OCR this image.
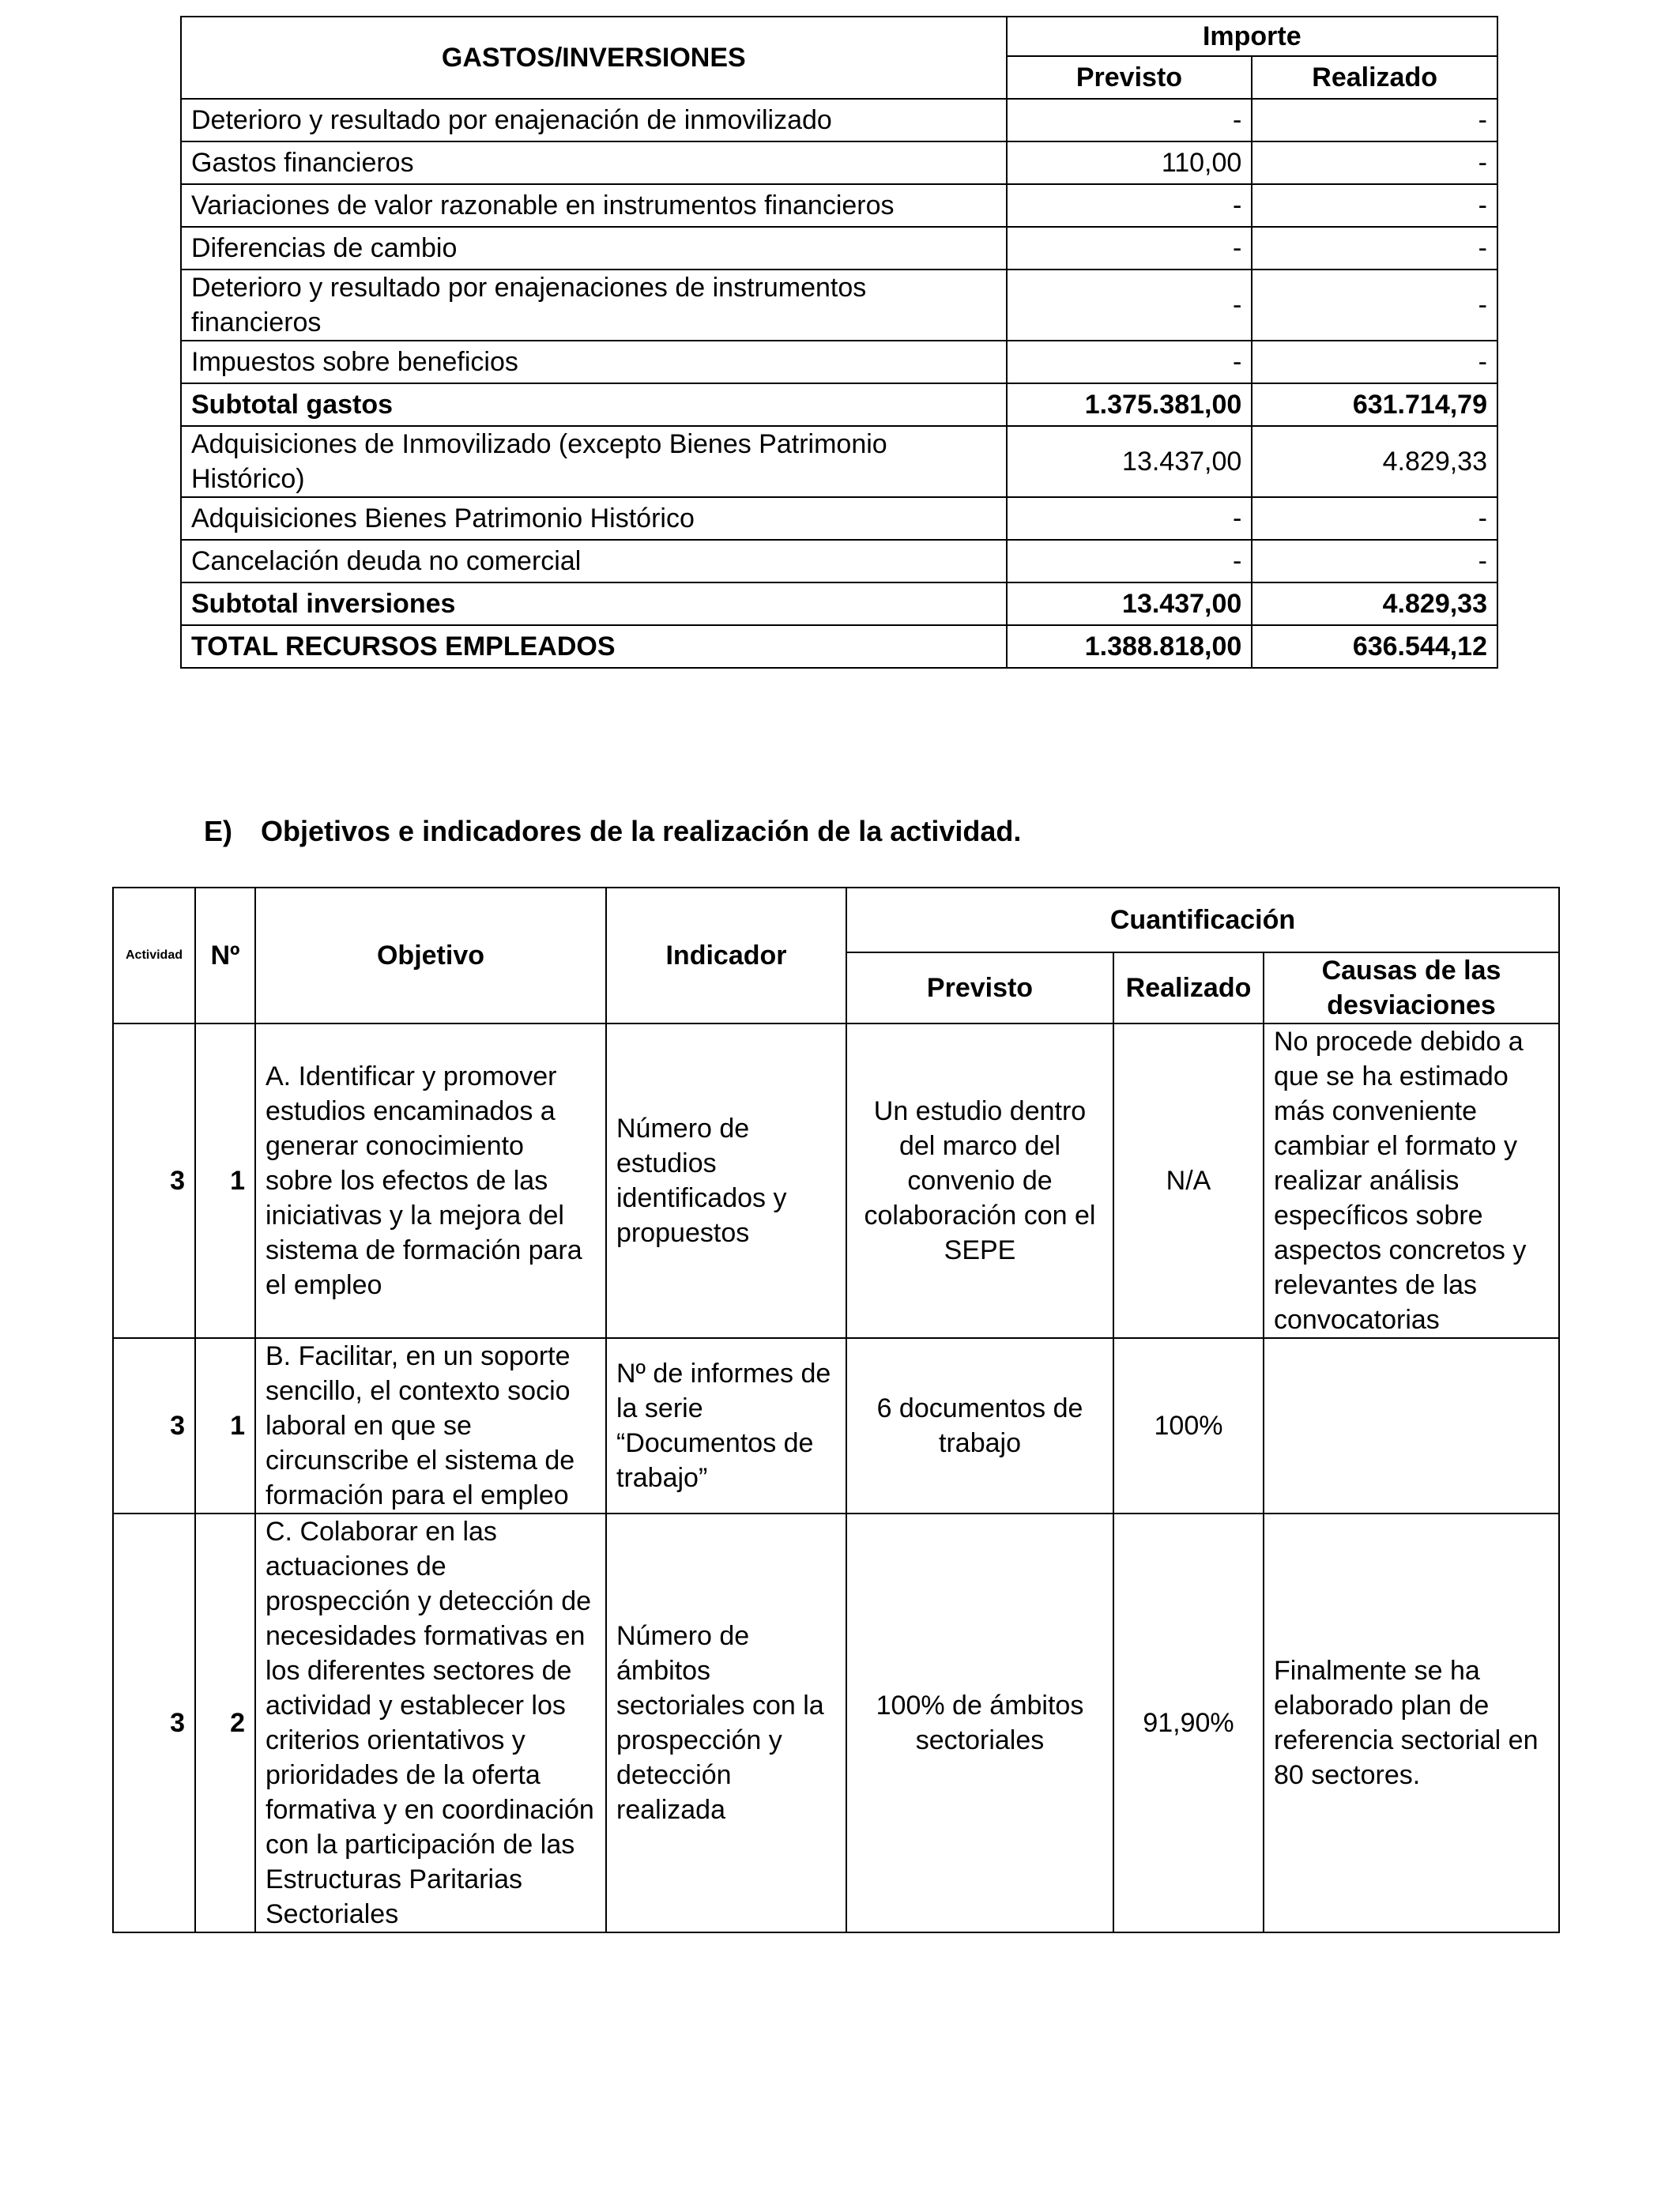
GASTOS/INVERSIONES	Importe	
	Previsto	Realizado
Deterioro y resultado por enajenación de inmovilizado	-	-
Gastos financieros	110,00	-
Variaciones de valor razonable en instrumentos financieros	-	-
Diferencias de cambio	-	-
Deterioro y resultado por enajenaciones de instrumentos financieros	-	-
Impuestos sobre beneficios	-	-
Subtotal gastos	1.375.381,00	631.714,79
Adquisiciones de Inmovilizado (excepto Bienes Patrimonio Histórico)	13.437,00	4.829,33
Adquisiciones Bienes Patrimonio Histórico	-	-
Cancelación deuda no comercial	-	-
Subtotal inversiones	13.437,00	4.829,33
TOTAL RECURSOS EMPLEADOS	1.388.818,00	636.544,12
E) Objetivos e indicadores de la realización de la actividad.
Actividad	Nº	Objetivo	Indicador	Cuantificación		
				Previsto	Realizado	Causas de las desviaciones
3	1	A. Identificar y promover estudios encaminados a generar conocimiento sobre los efectos de las iniciativas y la mejora del sistema de formación para el empleo	Número de estudios identificados y propuestos	Un estudio dentro del marco del convenio de colaboración con el SEPE	N/A	No procede debido a que se ha estimado más conveniente cambiar el formato y realizar análisis específicos sobre aspectos concretos y relevantes de las convocatorias
3	1	B. Facilitar, en un soporte sencillo, el contexto socio laboral en que se circunscribe el sistema de formación para el empleo	Nº de informes de la serie “Documentos de trabajo”	6 documentos de trabajo	100%	
3	2	C. Colaborar en las actuaciones de prospección y detección de necesidades formativas en los diferentes sectores de actividad y establecer los criterios orientativos y prioridades de la oferta formativa y en coordinación con la participación de las Estructuras Paritarias Sectoriales	Número de ámbitos sectoriales con la prospección y detección realizada	100% de ámbitos sectoriales	91,90%	Finalmente se ha elaborado plan de referencia sectorial en 80 sectores.
